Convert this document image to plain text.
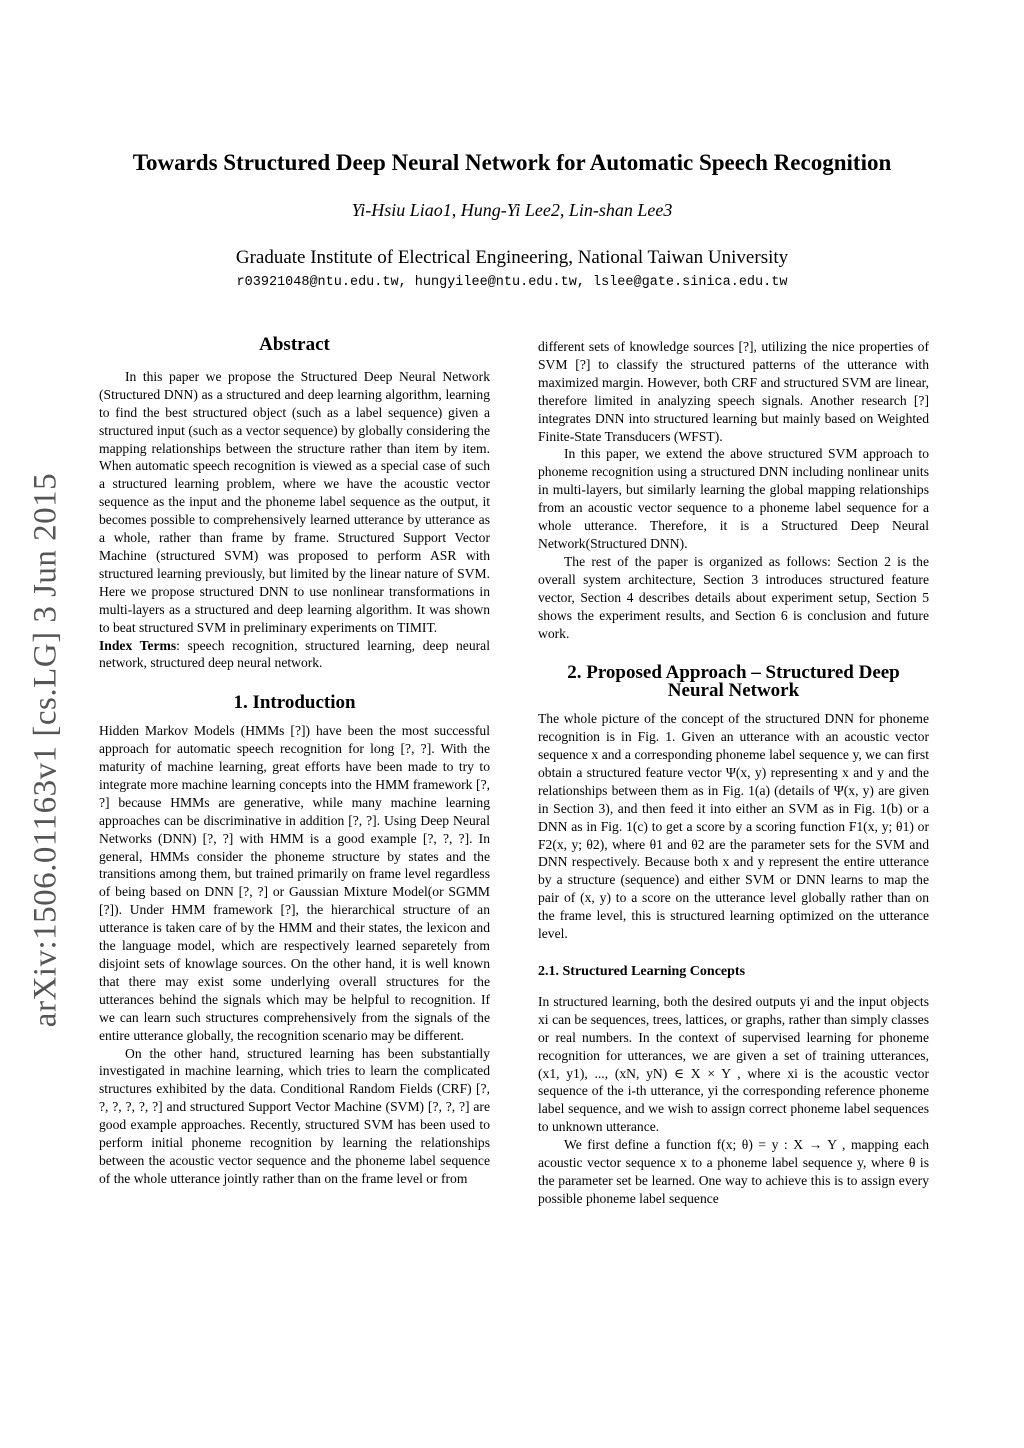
arXiv:1506.01163v1 [cs.LG] 3 Jun 2015
Towards Structured Deep Neural Network for Automatic Speech Recognition
Yi-Hsiu Liao1, Hung-Yi Lee2, Lin-shan Lee3
Graduate Institute of Electrical Engineering, National Taiwan University
r03921048@ntu.edu.tw, hungyilee@ntu.edu.tw, lslee@gate.sinica.edu.tw
Abstract

In this paper we propose the Structured Deep Neural Network (Structured DNN) as a structured and deep learning algorithm, learning to find the best structured object (such as a label sequence) given a structured input (such as a vector sequence) by globally considering the mapping relationships between the structure rather than item by item. When automatic speech recognition is viewed as a special case of such a structured learning problem, where we have the acoustic vector sequence as the input and the phoneme label sequence as the output, it becomes possible to comprehensively learned utterance by utterance as a whole, rather than frame by frame. Structured Support Vector Machine (structured SVM) was proposed to perform ASR with structured learning previously, but limited by the linear nature of SVM. Here we propose structured DNN to use nonlinear transformations in multi-layers as a structured and deep learning algorithm. It was shown to beat structured SVM in preliminary experiments on TIMIT.

Index Terms: speech recognition, structured learning, deep neural network, structured deep neural network.

1. Introduction

Hidden Markov Models (HMMs [?]) have been the most successful approach for automatic speech recognition for long [?, ?]. With the maturity of machine learning, great efforts have been made to try to integrate more machine learning concepts into the HMM framework [?, ?] because HMMs are generative, while many machine learning approaches can be discriminative in addition [?, ?]. Using Deep Neural Networks (DNN) [?, ?] with HMM is a good example [?, ?, ?]. In general, HMMs consider the phoneme structure by states and the transitions among them, but trained primarily on frame level regardless of being based on DNN [?, ?] or Gaussian Mixture Model(or SGMM [?]). Under HMM framework [?], the hierarchical structure of an utterance is taken care of by the HMM and their states, the lexicon and the language model, which are respectively learned separetely from disjoint sets of knowlage sources. On the other hand, it is well known that there may exist some underlying overall structures for the utterances behind the signals which may be helpful to recognition. If we can learn such structures comprehensively from the signals of the entire utterance globally, the recognition scenario may be different.

On the other hand, structured learning has been substantially investigated in machine learning, which tries to learn the complicated structures exhibited by the data. Conditional Random Fields (CRF) [?, ?, ?, ?, ?, ?] and structured Support Vector Machine (SVM) [?, ?, ?] are good example approaches. Recently, structured SVM has been used to perform initial phoneme recognition by learning the relationships between the acoustic vector sequence and the phoneme label sequence of the whole utterance jointly rather than on the frame level or from

different sets of knowledge sources [?], utilizing the nice properties of SVM [?] to classify the structured patterns of the utterance with maximized margin. However, both CRF and structured SVM are linear, therefore limited in analyzing speech signals. Another research [?] integrates DNN into structured learning but mainly based on Weighted Finite-State Transducers (WFST).

In this paper, we extend the above structured SVM approach to phoneme recognition using a structured DNN including nonlinear units in multi-layers, but similarly learning the global mapping relationships from an acoustic vector sequence to a phoneme label sequence for a whole utterance. Therefore, it is a Structured Deep Neural Network(Structured DNN).

The rest of the paper is organized as follows: Section 2 is the overall system architecture, Section 3 introduces structured feature vector, Section 4 describes details about experiment setup, Section 5 shows the experiment results, and Section 6 is conclusion and future work.

2. Proposed Approach – Structured Deep Neural Network

The whole picture of the concept of the structured DNN for phoneme recognition is in Fig. 1. Given an utterance with an acoustic vector sequence x and a corresponding phoneme label sequence y, we can first obtain a structured feature vector Ψ(x, y) representing x and y and the relationships between them as in Fig. 1(a) (details of Ψ(x, y) are given in Section 3), and then feed it into either an SVM as in Fig. 1(b) or a DNN as in Fig. 1(c) to get a score by a scoring function F1(x, y; θ1) or F2(x, y; θ2), where θ1 and θ2 are the parameter sets for the SVM and DNN respectively. Because both x and y represent the entire utterance by a structure (sequence) and either SVM or DNN learns to map the pair of (x, y) to a score on the utterance level globally rather than on the frame level, this is structured learning optimized on the utterance level.

2.1. Structured Learning Concepts

In structured learning, both the desired outputs yi and the input objects xi can be sequences, trees, lattices, or graphs, rather than simply classes or real numbers. In the context of supervised learning for phoneme recognition for utterances, we are given a set of training utterances, (x1, y1), ..., (xN, yN) ∈ X × Y , where xi is the acoustic vector sequence of the i-th utterance, yi the corresponding reference phoneme label sequence, and we wish to assign correct phoneme label sequences to unknown utterance.

We first define a function f(x; θ) = y : X → Y , mapping each acoustic vector sequence x to a phoneme label sequence y, where θ is the parameter set be learned. One way to achieve this is to assign every possible phoneme label sequence
